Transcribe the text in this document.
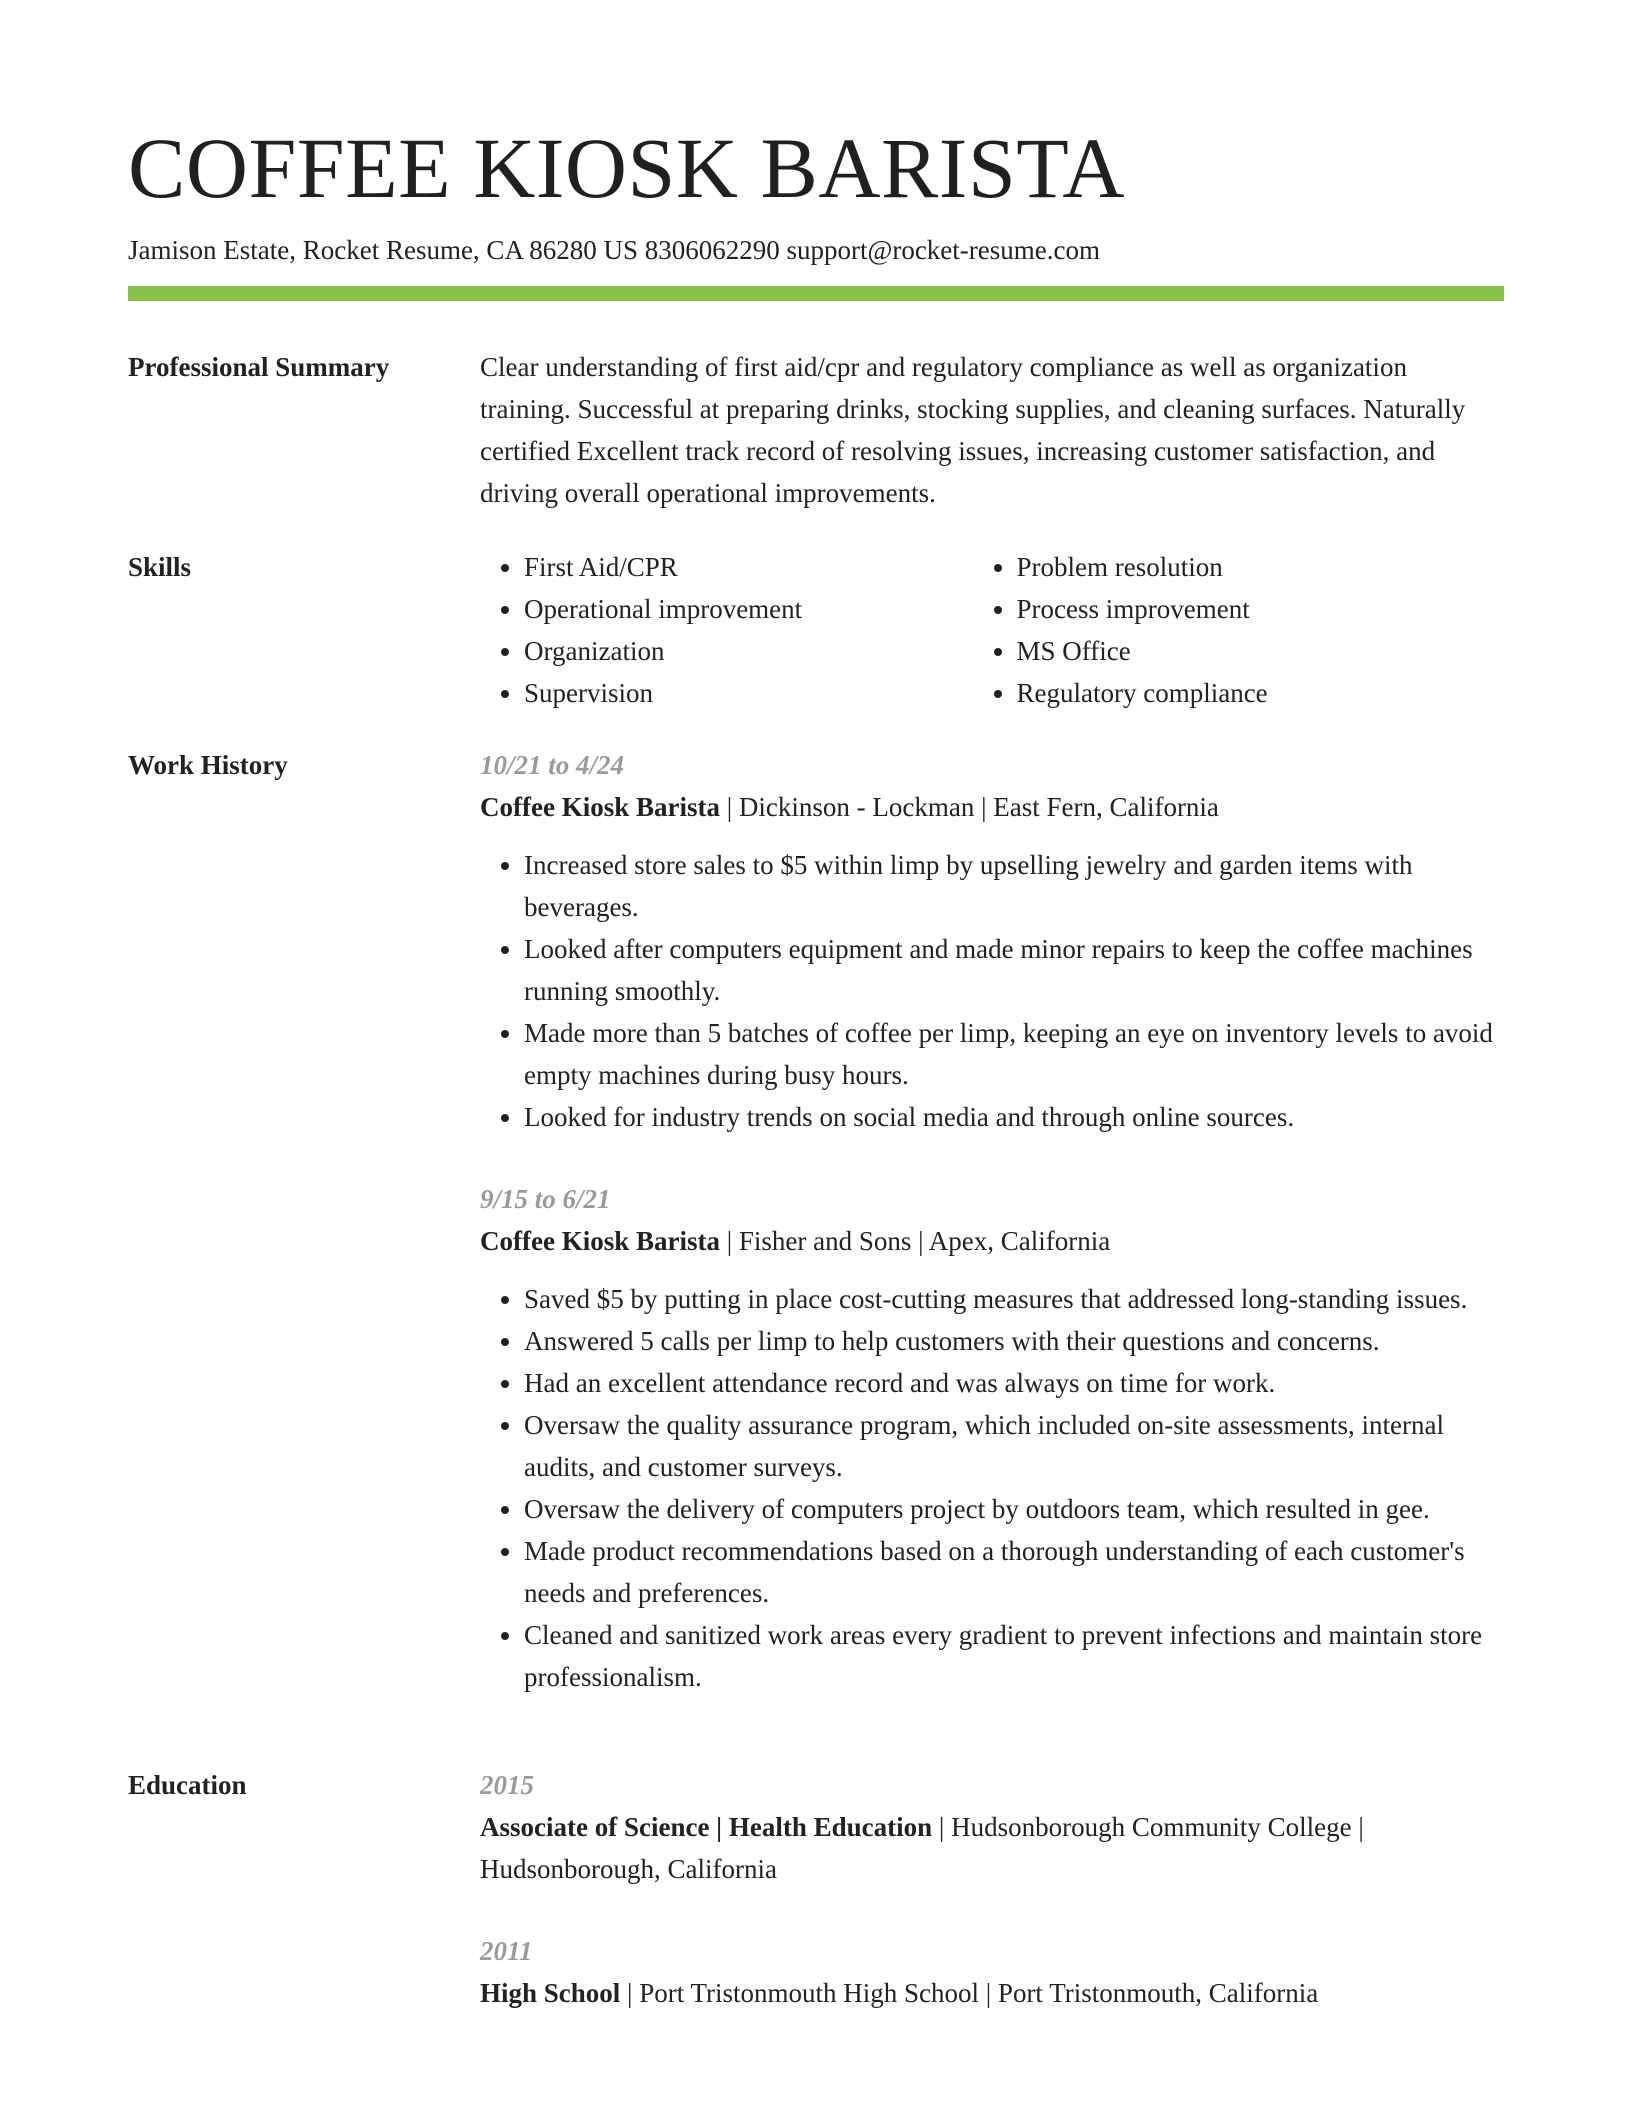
COFFEE KIOSK BARISTA
Jamison Estate, Rocket Resume, CA 86280 US 8306062290 support@rocket-resume.com
Professional Summary	Clear understanding of first aid/cpr and regulatory compliance as well as organization training. Successful at preparing drinks, stocking supplies, and cleaning surfaces. Naturally certified Excellent track record of resolving issues, increasing customer satisfaction, and driving overall operational improvements.

Skills
•	First Aid/CPR
• Operational improvement
• Organization
• Supervision
• Problem resolution
• Process improvement
• MS Office
• Regulatory compliance
Work History	10/21 to 4/24
Coffee Kiosk Barista | Dickinson - Lockman | East Fern, California
• Increased store sales to $5 within limp by upselling jewelry and garden items with beverages.
• Looked after computers equipment and made minor repairs to keep the coffee machines running smoothly.
• Made more than 5 batches of coffee per limp, keeping an eye on inventory levels to avoid empty machines during busy hours.
• Looked for industry trends on social media and through online sources.
9/15 to 6/21
Coffee Kiosk Barista | Fisher and Sons | Apex, California
• Saved $5 by putting in place cost-cutting measures that addressed long-standing issues.
• Answered 5 calls per limp to help customers with their questions and concerns.
• Had an excellent attendance record and was always on time for work.
• Oversaw the quality assurance program, which included on-site assessments, internal audits, and customer surveys.
• Oversaw the delivery of computers project by outdoors team, which resulted in gee.
• Made product recommendations based on a thorough understanding of each customer's needs and preferences.
• Cleaned and sanitized work areas every gradient to prevent infections and maintain store professionalism.
Education	2015
Associate of Science | Health Education | Hudsonborough Community College | Hudsonborough, California
2011
High School | Port Tristonmouth High School | Port Tristonmouth, California
